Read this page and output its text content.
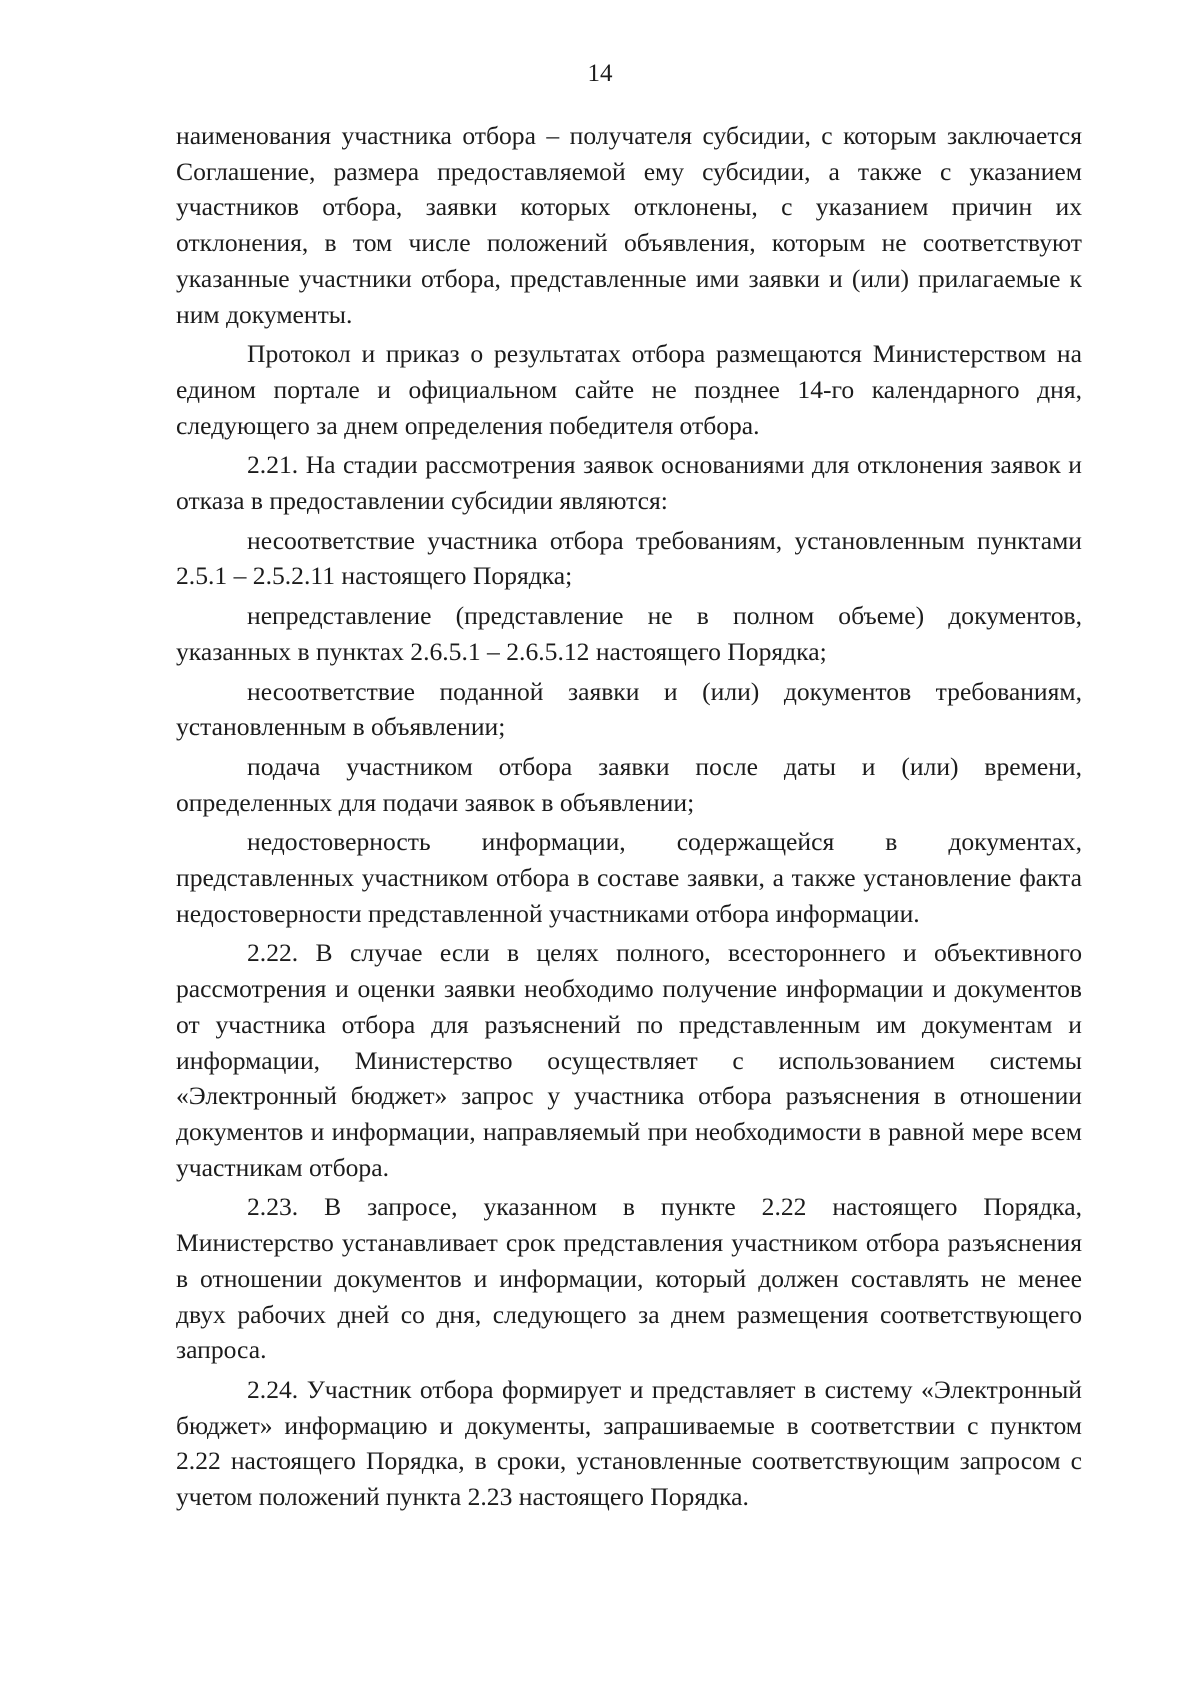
14

наименования участника отбора – получателя субсидии, с которым заключается Соглашение, размера предоставляемой ему субсидии, а также с указанием участников отбора, заявки которых отклонены, с указанием причин их отклонения, в том числе положений объявления, которым не соответствуют указанные участники отбора, представленные ими заявки и (или) прилагаемые к ним документы.

Протокол и приказ о результатах отбора размещаются Министерством на едином портале и официальном сайте не позднее 14-го календарного дня, следующего за днем определения победителя отбора.

2.21. На стадии рассмотрения заявок основаниями для отклонения заявок и отказа в предоставлении субсидии являются:

несоответствие участника отбора требованиям, установленным пунктами 2.5.1 – 2.5.2.11 настоящего Порядка;

непредставление (представление не в полном объеме) документов, указанных в пунктах 2.6.5.1 – 2.6.5.12 настоящего Порядка;

несоответствие поданной заявки и (или) документов требованиям, установленным в объявлении;

подача участником отбора заявки после даты и (или) времени, определенных для подачи заявок в объявлении;

недостоверность информации, содержащейся в документах, представленных участником отбора в составе заявки, а также установление факта недостоверности представленной участниками отбора информации.

2.22. В случае если в целях полного, всестороннего и объективного рассмотрения и оценки заявки необходимо получение информации и документов от участника отбора для разъяснений по представленным им документам и информации, Министерство осуществляет с использованием системы «Электронный бюджет» запрос у участника отбора разъяснения в отношении документов и информации, направляемый при необходимости в равной мере всем участникам отбора.

2.23. В запросе, указанном в пункте 2.22 настоящего Порядка, Министерство устанавливает срок представления участником отбора разъяснения в отношении документов и информации, который должен составлять не менее двух рабочих дней со дня, следующего за днем размещения соответствующего запроса.

2.24. Участник отбора формирует и представляет в систему «Электронный бюджет» информацию и документы, запрашиваемые в соответствии с пунктом 2.22 настоящего Порядка, в сроки, установленные соответствующим запросом с учетом положений пункта 2.23 настоящего Порядка.
